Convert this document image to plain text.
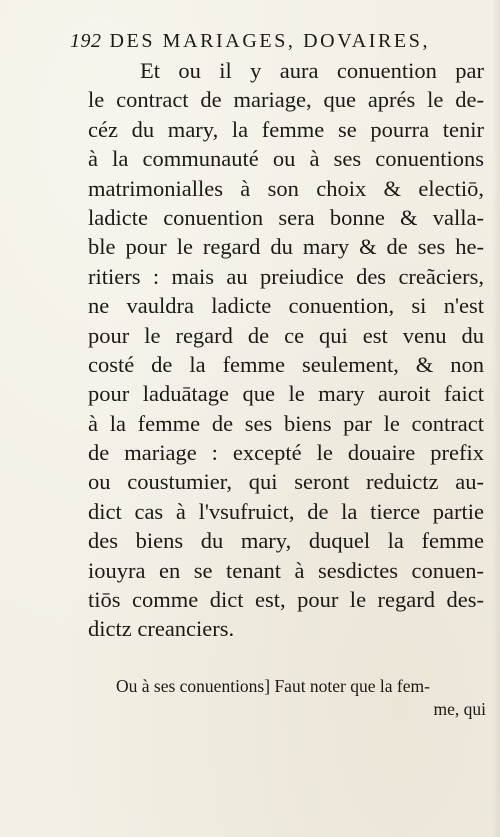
192 DES MARIAGES, DOVAIRES,
Et ou il y aura conuention par
le contract de mariage, que aprés le de-
céz du mary, la femme se pourra tenir
à la communauté ou à ses conuentions
matrimonialles à son choix & electiō,
ladicte conuention sera bonne & valla-
ble pour le regard du mary & de ses he-
ritiers : mais au preiudice des creãciers,
ne vauldra ladicte conuention, si n'est
pour le regard de ce qui est venu du
costé de la femme seulement, & non
pour laduātage que le mary auroit faict
à la femme de ses biens par le contract
de mariage : excepté le douaire prefix
ou coustumier, qui seront reduictz au-
dict cas à l'vsufruict, de la tierce partie
des biens du mary, duquel la femme
iouyra en se tenant à sesdictes conuen-
tiōs comme dict est, pour le regard des-
dictz creanciers.
Ou à ses conuentions] Faut noter que la fem-
me, qui
